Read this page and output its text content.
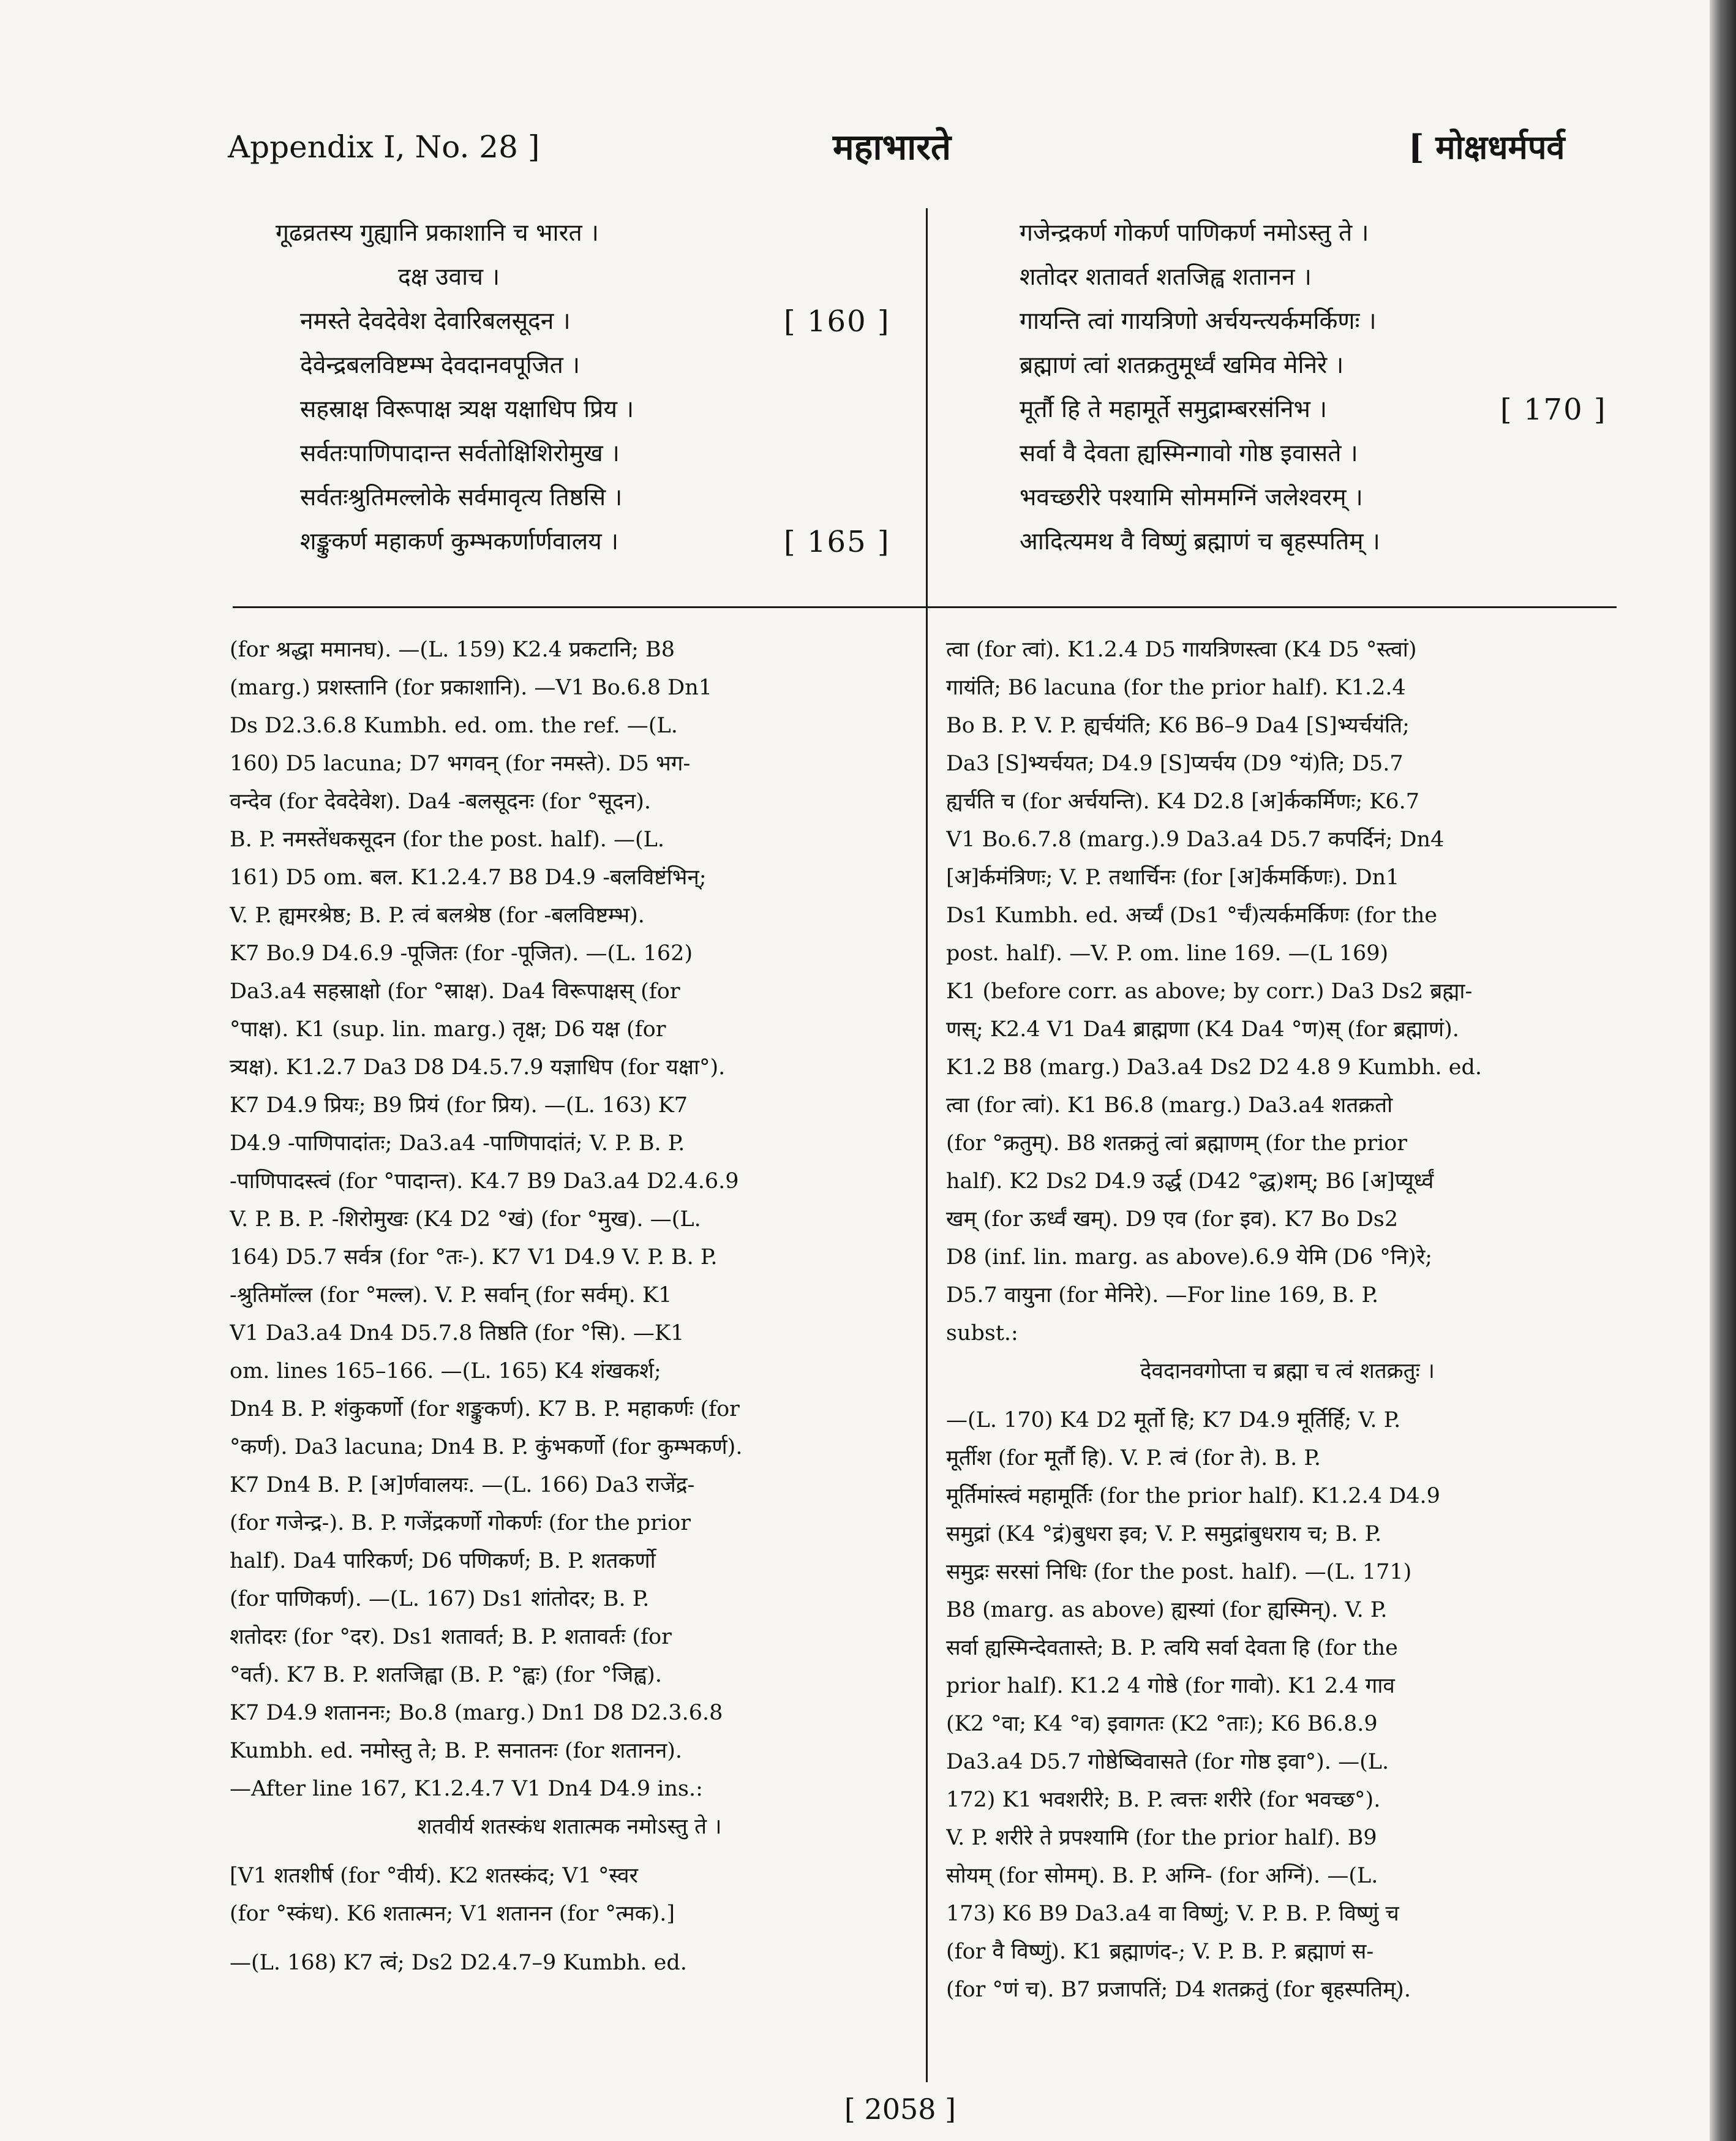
Appendix I, No. 28 ]	महाभारते	[ मोक्षधर्मपर्व
गूढव्रतस्य गुह्यानि प्रकाशानि च भारत ।
दक्ष उवाच ।
नमस्ते देवदेवेश देवारिबलसूदन ।	[ 160 ]
देवेन्द्रबलविष्टम्भ देवदानवपूजित ।
सहस्राक्ष विरूपाक्ष त्र्यक्ष यक्षाधिप प्रिय ।
सर्वतःपाणिपादान्त सर्वतोक्षिशिरोमुख ।
सर्वतःश्रुतिमल्लोके सर्वमावृत्य तिष्ठसि ।
शङ्कुकर्ण महाकर्ण कुम्भकर्णार्णवालय ।	[ 165 ]
गजेन्द्रकर्ण गोकर्ण पाणिकर्ण नमोऽस्तु ते ।
शतोदर शतावर्त शतजिह्व शतानन ।
गायन्ति त्वां गायत्रिणो अर्चयन्त्यर्कमर्किणः ।
ब्रह्माणं त्वां शतक्रतुमूर्ध्वं खमिव मेनिरे ।
मूर्तौ हि ते महामूर्ते समुद्राम्बरसंनिभ ।	[ 170 ]
सर्वा वै देवता ह्यस्मिन्गावो गोष्ठ इवासते ।
भवच्छरीरे पश्यामि सोममग्निं जलेश्वरम् ।
आदित्यमथ वै विष्णुं ब्रह्माणं च बृहस्पतिम् ।
(for श्रद्धा ममानघ). —(L. 159) K2.4 प्रकटानि; B8
(marg.) प्रशस्तानि (for प्रकाशानि). —V1 Bo.6.8 Dn1
Ds D2.3.6.8 Kumbh. ed. om. the ref. —(L.
160) D5 lacuna; D7 भगवन् (for नमस्ते). D5 भग-
वन्देव (for देवदेवेश). Da4 -बलसूदनः (for °सूदन).
B. P. नमस्तेंधकसूदन (for the post. half). —(L.
161) D5 om. बल. K1.2.4.7 B8 D4.9 -बलविष्टंभिन्;
V. P. ह्यमरश्रेष्ठ; B. P. त्वं बलश्रेष्ठ (for -बलविष्टम्भ).
K7 Bo.9 D4.6.9 -पूजितः (for -पूजित). —(L. 162)
Da3.a4 सहस्राक्षो (for °स्राक्ष). Da4 विरूपाक्षस् (for
°पाक्ष). K1 (sup. lin. marg.) तृक्ष; D6 यक्ष (for
त्र्यक्ष). K1.2.7 Da3 D8 D4.5.7.9 यज्ञाधिप (for यक्षा°).
K7 D4.9 प्रियः; B9 प्रियं (for प्रिय). —(L. 163) K7
D4.9 -पाणिपादांतः; Da3.a4 -पाणिपादांतं; V. P. B. P.
-पाणिपादस्त्वं (for °पादान्त). K4.7 B9 Da3.a4 D2.4.6.9
V. P. B. P. -शिरोमुखः (K4 D2 °खं) (for °मुख). —(L.
164) D5.7 सर्वत्र (for °तः-). K7 V1 D4.9 V. P. B. P.
-श्रुतिमॉल्ल (for °मल्ल). V. P. सर्वान् (for सर्वम्). K1
V1 Da3.a4 Dn4 D5.7.8 तिष्ठति (for °सि). —K1
om. lines 165–166. —(L. 165) K4 शंखकर्श;
Dn4 B. P. शंकुकर्णो (for शङ्कुकर्ण). K7 B. P. महाकर्णः (for
°कर्ण). Da3 lacuna; Dn4 B. P. कुंभकर्णो (for कुम्भकर्ण).
K7 Dn4 B. P. [अ]र्णवालयः. —(L. 166) Da3 राजेंद्र-
(for गजेन्द्र-). B. P. गजेंद्रकर्णो गोकर्णः (for the prior
half). Da4 पारिकर्ण; D6 पणिकर्ण; B. P. शतकर्णो
(for पाणिकर्ण). —(L. 167) Ds1 शांतोदर; B. P.
शतोदरः (for °दर). Ds1 शतावर्त; B. P. शतावर्तः (for
°वर्त). K7 B. P. शतजिह्वा (B. P. °ह्वः) (for °जिह्व).
K7 D4.9 शताननः; Bo.8 (marg.) Dn1 D8 D2.3.6.8
Kumbh. ed. नमोस्तु ते; B. P. सनातनः (for शतानन).
—After line 167, K1.2.4.7 V1 Dn4 D4.9 ins.:
शतवीर्य शतस्कंध शतात्मक नमोऽस्तु ते ।
[V1 शतशीर्ष (for °वीर्य). K2 शतस्कंद; V1 °स्वर
(for °स्कंध). K6 शतात्मन; V1 शतानन (for °त्मक).]
—(L. 168) K7 त्वं; Ds2 D2.4.7–9 Kumbh. ed.
त्वा (for त्वां). K1.2.4 D5 गायत्रिणस्त्वा (K4 D5 °स्त्वां)
गायंति; B6 lacuna (for the prior half). K1.2.4
Bo B. P. V. P. ह्यर्चयंति; K6 B6–9 Da4 [S]भ्यर्चयंति;
Da3 [S]भ्यर्चयत; D4.9 [S]प्यर्चय (D9 °यं)ति; D5.7
ह्यर्चति च (for अर्चयन्ति). K4 D2.8 [अ]र्ककर्मिणः; K6.7
V1 Bo.6.7.8 (marg.).9 Da3.a4 D5.7 कपर्दिनं; Dn4
[अ]र्कमंत्रिणः; V. P. तथार्चिनः (for [अ]र्कमर्किणः). Dn1
Ds1 Kumbh. ed. अर्च्यं (Ds1 °र्चं)त्यर्कमर्किणः (for the
post. half). —V. P. om. line 169. —(L 169)
K1 (before corr. as above; by corr.) Da3 Ds2 ब्रह्मा-
णस्; K2.4 V1 Da4 ब्राह्मणा (K4 Da4 °ण)स् (for ब्रह्माणं).
K1.2 B8 (marg.) Da3.a4 Ds2 D2 4.8 9 Kumbh. ed.
त्वा (for त्वां). K1 B6.8 (marg.) Da3.a4 शतक्रतो
(for °क्रतुम्). B8 शतक्रतुं त्वां ब्रह्माणम् (for the prior
half). K2 Ds2 D4.9 उर्द्ध (D42 °द्ध)शम्; B6 [अ]प्यूर्ध्वं
खम् (for ऊर्ध्वं खम्). D9 एव (for इव). K7 Bo Ds2
D8 (inf. lin. marg. as above).6.9 येमि (D6 °नि)रे;
D5.7 वायुना (for मेनिरे). —For line 169, B. P.
subst.:
देवदानवगोप्ता च ब्रह्मा च त्वं शतक्रतुः ।
—(L. 170) K4 D2 मूर्तो हि; K7 D4.9 मूर्तिर्हि; V. P.
मूर्तीश (for मूर्तौ हि). V. P. त्वं (for ते). B. P.
मूर्तिमांस्त्वं महामूर्तिः (for the prior half). K1.2.4 D4.9
समुद्रां (K4 °द्रं)बुधरा इव; V. P. समुद्रांबुधराय च; B. P.
समुद्रः सरसां निधिः (for the post. half). —(L. 171)
B8 (marg. as above) ह्यस्यां (for ह्यस्मिन्). V. P.
सर्वा ह्यस्मिन्देवतास्ते; B. P. त्वयि सर्वा देवता हि (for the
prior half). K1.2 4 गोष्ठे (for गावो). K1 2.4 गाव
(K2 °वा; K4 °व) इवागतः (K2 °ताः); K6 B6.8.9
Da3.a4 D5.7 गोष्ठेष्विवासते (for गोष्ठ इवा°). —(L.
172) K1 भवशरीरे; B. P. त्वत्तः शरीरे (for भवच्छ°).
V. P. शरीरे ते प्रपश्यामि (for the prior half). B9
सोयम् (for सोमम्). B. P. अग्नि- (for अग्निं). —(L.
173) K6 B9 Da3.a4 वा विष्णुं; V. P. B. P. विष्णुं च
(for वै विष्णुं). K1 ब्रह्माणंद-; V. P. B. P. ब्रह्माणं स-
(for °णं च). B7 प्रजापतिं; D4 शतक्रतुं (for बृहस्पतिम्).
[ 2058 ]
